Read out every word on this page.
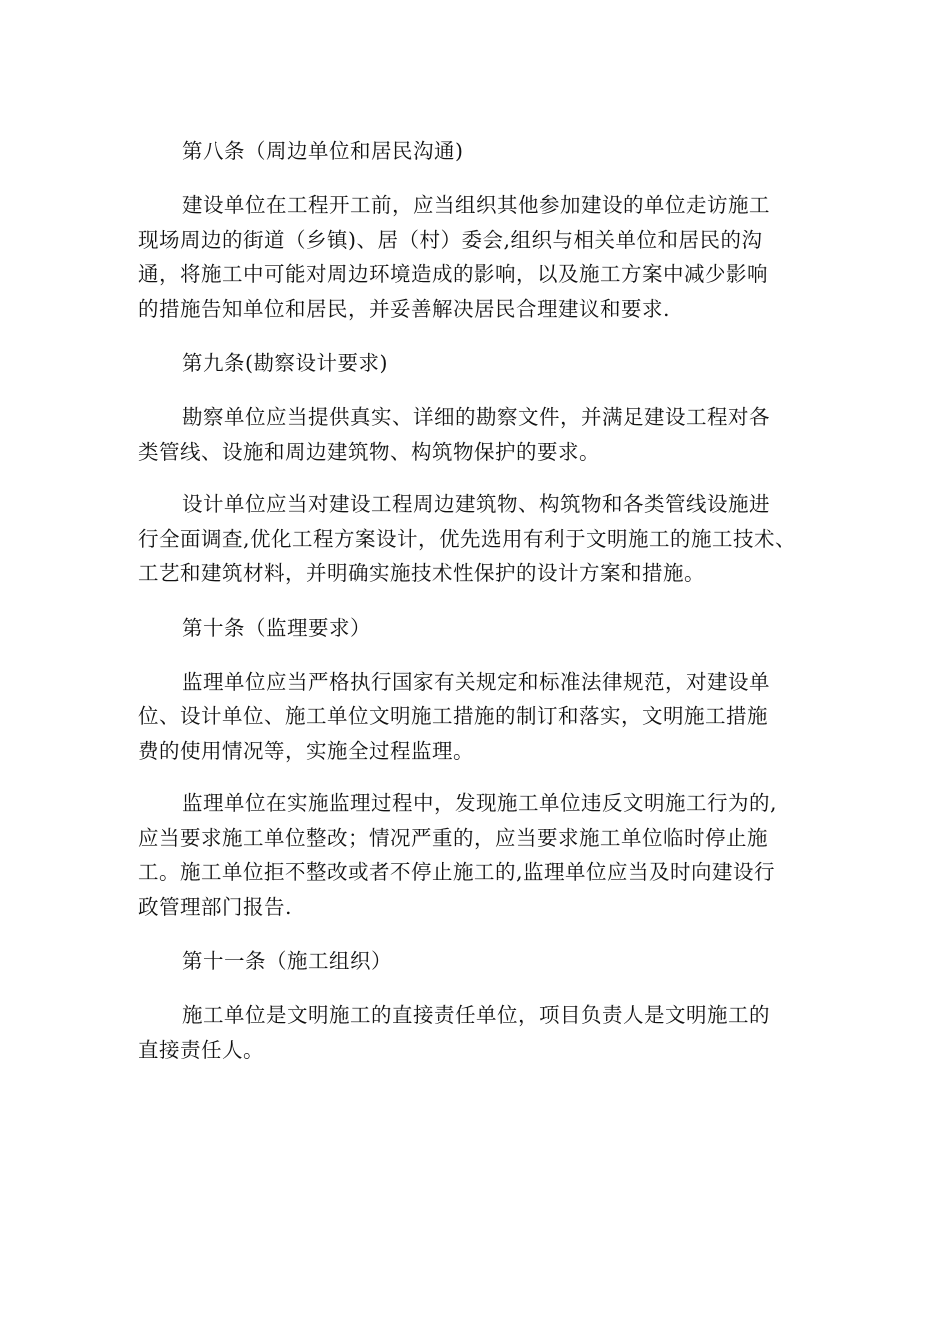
第八条（周边单位和居民沟通)
建设单位在工程开工前，应当组织其他参加建设的单位走访施工
现场周边的街道（乡镇)、居（村）委会,组织与相关单位和居民的沟
通，将施工中可能对周边环境造成的影响，以及施工方案中减少影响
的措施告知单位和居民，并妥善解决居民合理建议和要求.
第九条(勘察设计要求)
勘察单位应当提供真实、详细的勘察文件，并满足建设工程对各
类管线、设施和周边建筑物、构筑物保护的要求。
设计单位应当对建设工程周边建筑物、构筑物和各类管线设施进
行全面调查,优化工程方案设计，优先选用有利于文明施工的施工技术、
工艺和建筑材料，并明确实施技术性保护的设计方案和措施。
第十条（监理要求）
监理单位应当严格执行国家有关规定和标准法律规范，对建设单
位、设计单位、施工单位文明施工措施的制订和落实，文明施工措施
费的使用情况等，实施全过程监理。
监理单位在实施监理过程中，发现施工单位违反文明施工行为的,
应当要求施工单位整改；情况严重的，应当要求施工单位临时停止施
工。施工单位拒不整改或者不停止施工的,监理单位应当及时向建设行
政管理部门报告.
第十一条（施工组织）
施工单位是文明施工的直接责任单位，项目负责人是文明施工的
直接责任人。
